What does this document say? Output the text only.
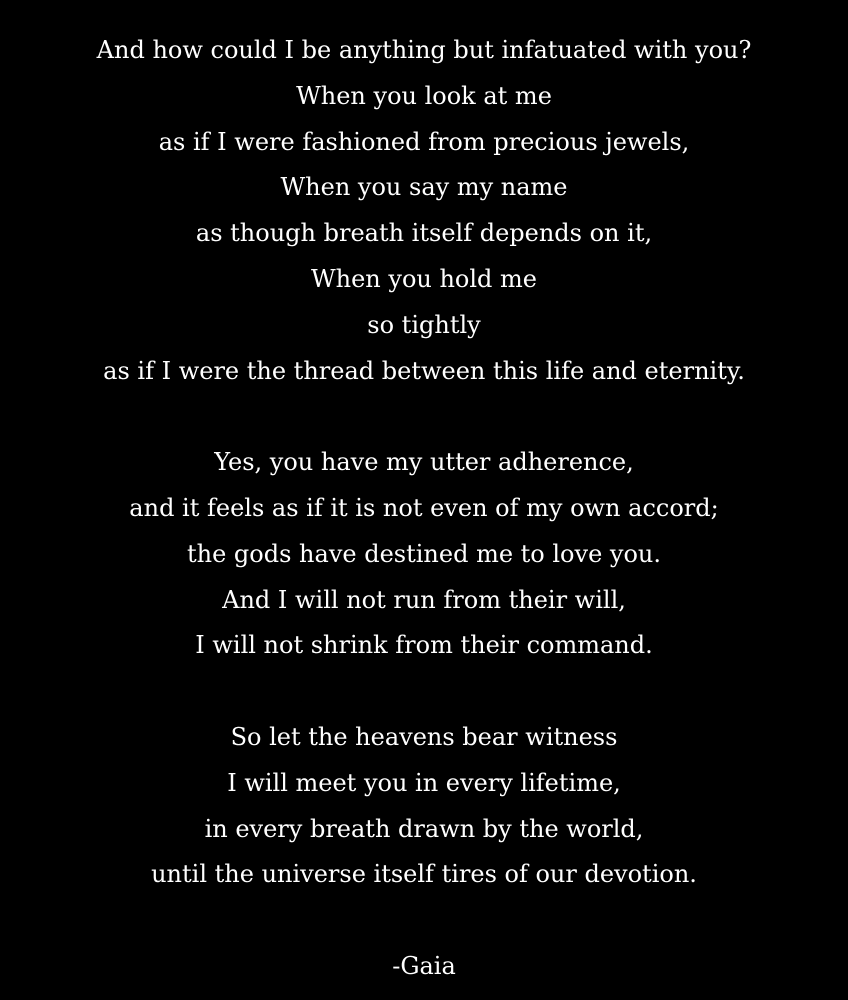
And how could I be anything but infatuated with you?
When you look at me
as if I were fashioned from precious jewels,
When you say my name
as though breath itself depends on it,
When you hold me
so tightly
as if I were the thread between this life and eternity.
Yes, you have my utter adherence,
and it feels as if it is not even of my own accord;
the gods have destined me to love you.
And I will not run from their will,
I will not shrink from their command.
So let the heavens bear witness
I will meet you in every lifetime,
in every breath drawn by the world,
until the universe itself tires of our devotion.
-Gaia
